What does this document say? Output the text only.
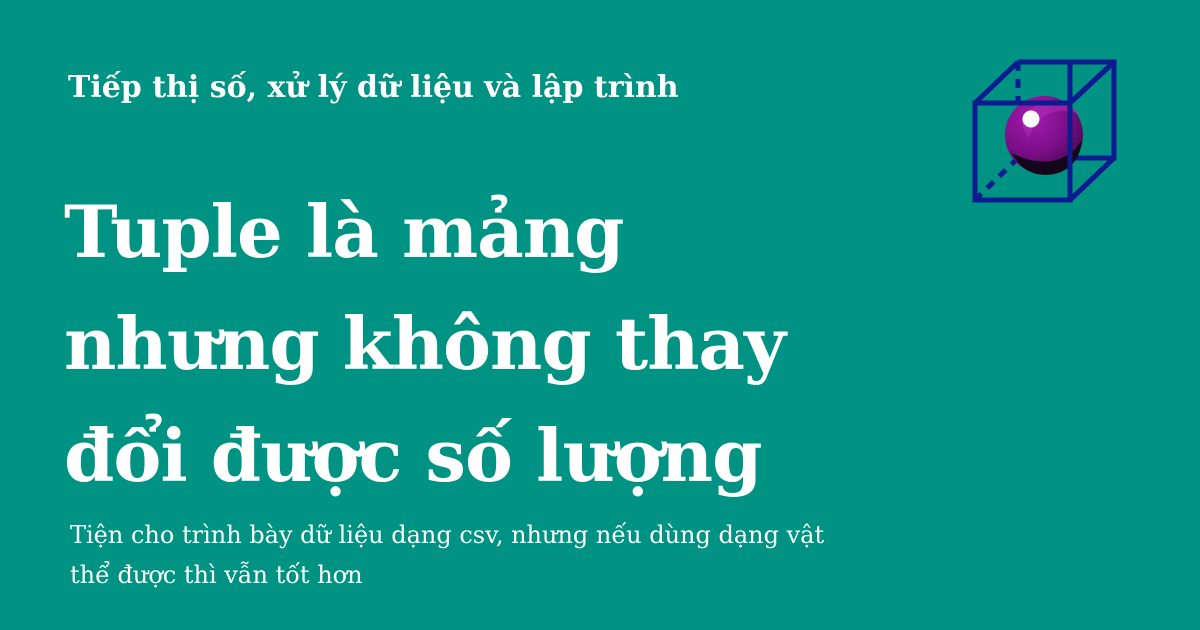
Tiếp thị số, xử lý dữ liệu và lập trình
Tuple là mảng
nhưng không thay
đổi được số lượng
Tiện cho trình bày dữ liệu dạng csv, nhưng nếu dùng dạng vật
thể được thì vẫn tốt hơn
